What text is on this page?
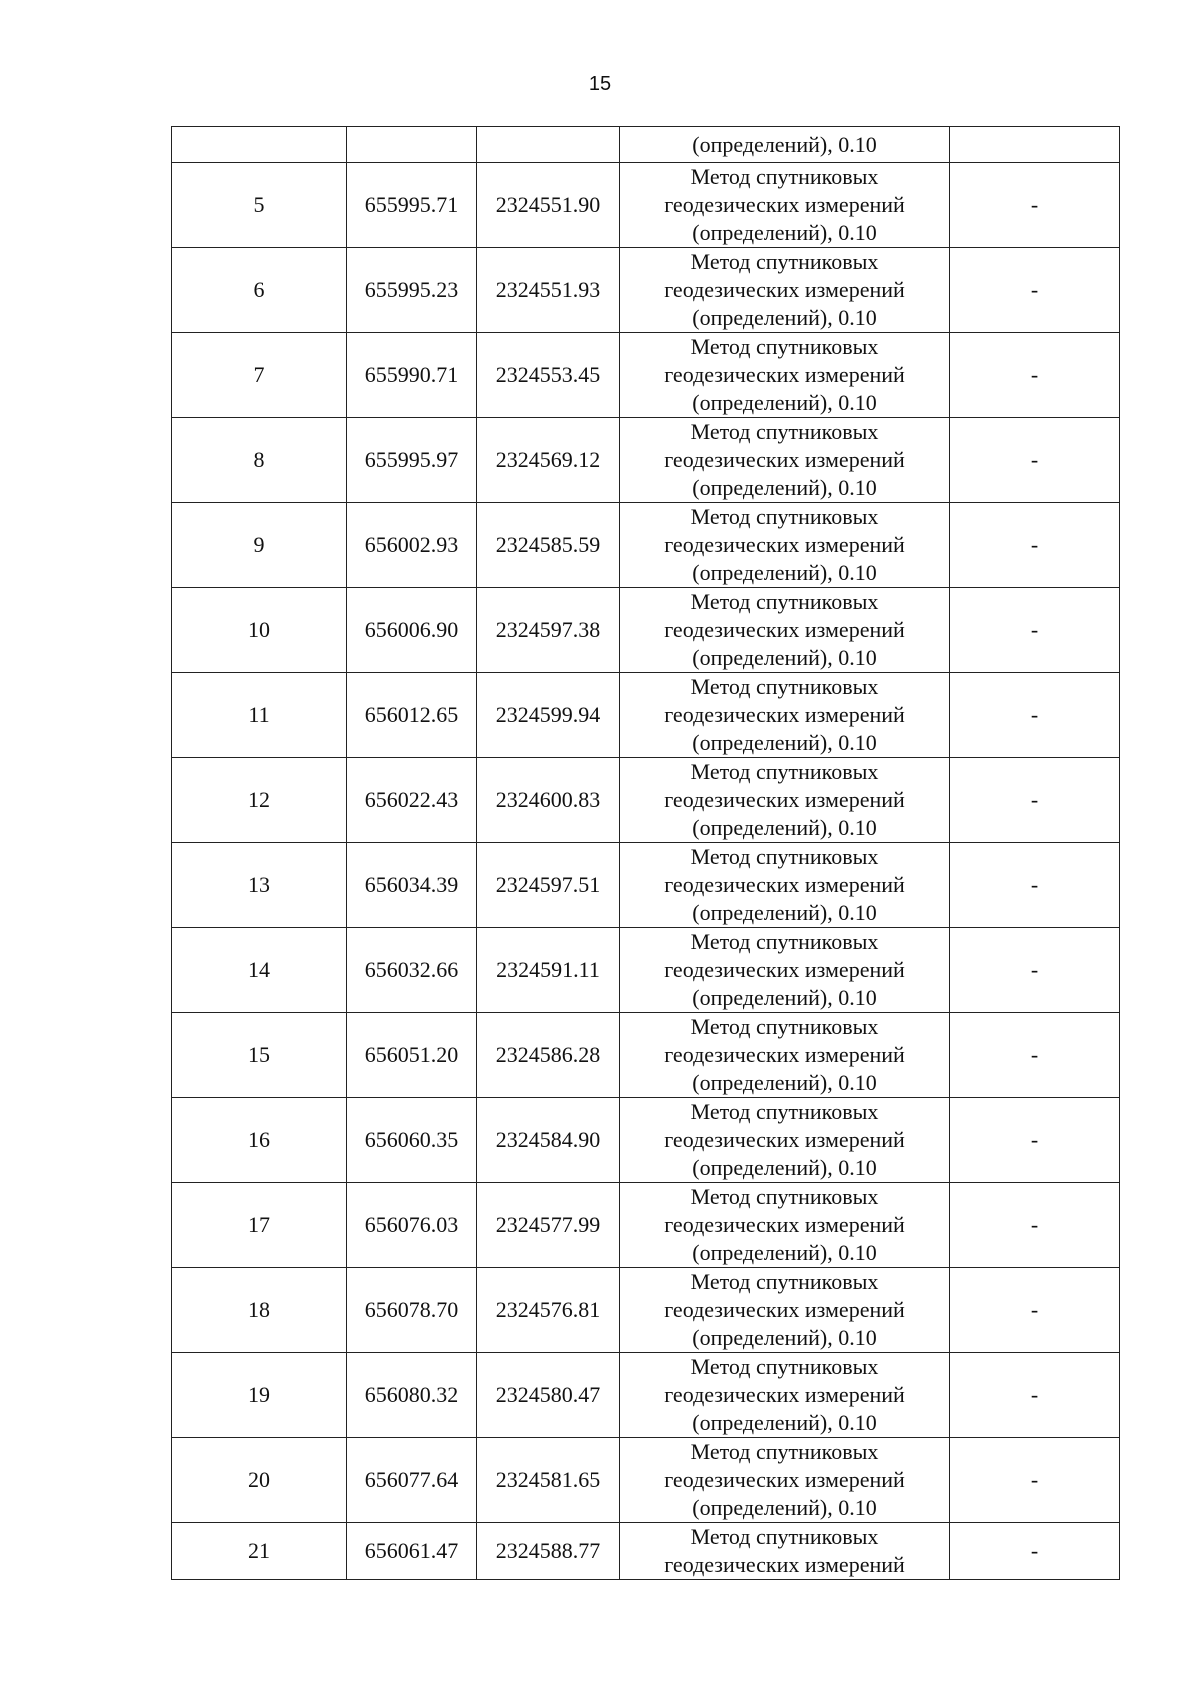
15
			(определений), 0.10	
5	655995.71	2324551.90	Метод спутниковых
геодезических измерений
(определений), 0.10	-
6	655995.23	2324551.93	Метод спутниковых
геодезических измерений
(определений), 0.10	-
7	655990.71	2324553.45	Метод спутниковых
геодезических измерений
(определений), 0.10	-
8	655995.97	2324569.12	Метод спутниковых
геодезических измерений
(определений), 0.10	-
9	656002.93	2324585.59	Метод спутниковых
геодезических измерений
(определений), 0.10	-
10	656006.90	2324597.38	Метод спутниковых
геодезических измерений
(определений), 0.10	-
11	656012.65	2324599.94	Метод спутниковых
геодезических измерений
(определений), 0.10	-
12	656022.43	2324600.83	Метод спутниковых
геодезических измерений
(определений), 0.10	-
13	656034.39	2324597.51	Метод спутниковых
геодезических измерений
(определений), 0.10	-
14	656032.66	2324591.11	Метод спутниковых
геодезических измерений
(определений), 0.10	-
15	656051.20	2324586.28	Метод спутниковых
геодезических измерений
(определений), 0.10	-
16	656060.35	2324584.90	Метод спутниковых
геодезических измерений
(определений), 0.10	-
17	656076.03	2324577.99	Метод спутниковых
геодезических измерений
(определений), 0.10	-
18	656078.70	2324576.81	Метод спутниковых
геодезических измерений
(определений), 0.10	-
19	656080.32	2324580.47	Метод спутниковых
геодезических измерений
(определений), 0.10	-
20	656077.64	2324581.65	Метод спутниковых
геодезических измерений
(определений), 0.10	-
21	656061.47	2324588.77	Метод спутниковых
геодезических измерений	-
